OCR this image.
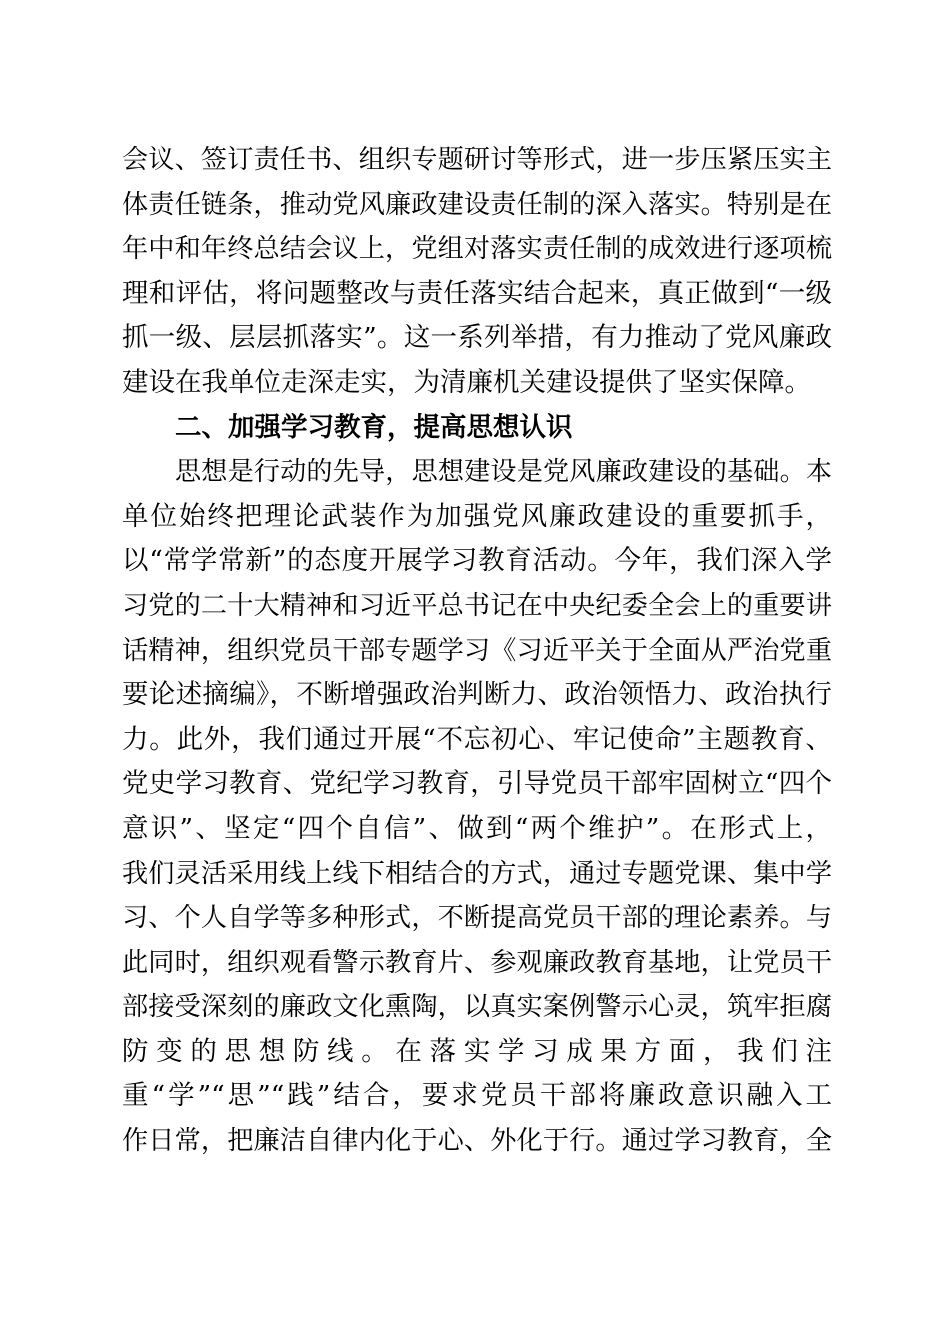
会议、签订责任书、组织专题研讨等形式，进一步压紧压实主
体责任链条，推动党风廉政建设责任制的深入落实。特别是在
年中和年终总结会议上，党组对落实责任制的成效进行逐项梳
理和评估，将问题整改与责任落实结合起来，真正做到“一级
抓一级、层层抓落实”。这一系列举措，有力推动了党风廉政
建设在我单位走深走实，为清廉机关建设提供了坚实保障。
二、加强学习教育，提高思想认识
思想是行动的先导，思想建设是党风廉政建设的基础。本
单位始终把理论武装作为加强党风廉政建设的重要抓手，
以“常学常新”的态度开展学习教育活动。今年，我们深入学
习党的二十大精神和习近平总书记在中央纪委全会上的重要讲
话精神，组织党员干部专题学习《习近平关于全面从严治党重
要论述摘编》，不断增强政治判断力、政治领悟力、政治执行
力。此外，我们通过开展“不忘初心、牢记使命”主题教育、
党史学习教育、党纪学习教育，引导党员干部牢固树立“四个
意识”、坚定“四个自信”、做到“两个维护”。在形式上，
我们灵活采用线上线下相结合的方式，通过专题党课、集中学
习、个人自学等多种形式，不断提高党员干部的理论素养。与
此同时，组织观看警示教育片、参观廉政教育基地，让党员干
部接受深刻的廉政文化熏陶，以真实案例警示心灵，筑牢拒腐
防变的思想防线。在落实学习成果方面，我们注
重“学”“思”“践”结合，要求党员干部将廉政意识融入工
作日常，把廉洁自律内化于心、外化于行。通过学习教育，全
